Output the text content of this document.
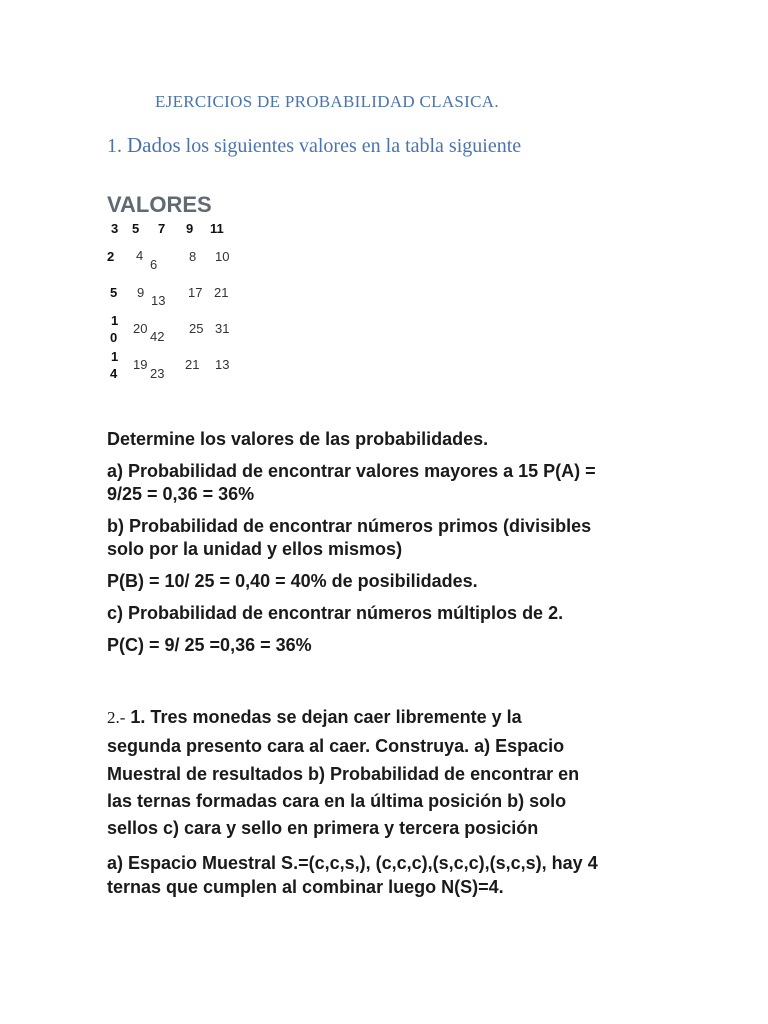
EJERCICIOS DE PROBABILIDAD CLASICA.
1. Dados los siguientes valores en la tabla siguiente
VALORES
3 5 7 9 11
2 4
6
8 10
5 9
13
17 21
1
0
20
42
25 31
1
4
19
23
21 13
Determine los valores de las probabilidades.
a) Probabilidad de encontrar valores mayores a 15 P(A) =
9/25 = 0,36 = 36%
b) Probabilidad de encontrar números primos (divisibles
solo por la unidad y ellos mismos)
P(B) = 10/ 25 = 0,40 = 40% de posibilidades.
c) Probabilidad de encontrar números múltiplos de 2.
P(C) = 9/ 25 =0,36 = 36%
2.- 1. Tres monedas se dejan caer libremente y la
segunda presento cara al caer. Construya. a) Espacio
Muestral de resultados b) Probabilidad de encontrar en
las ternas formadas cara en la última posición b) solo
sellos c) cara y sello en primera y tercera posición
a) Espacio Muestral S.=(c,c,s,), (c,c,c),(s,c,c),(s,c,s), hay 4
ternas que cumplen al combinar luego N(S)=4.
